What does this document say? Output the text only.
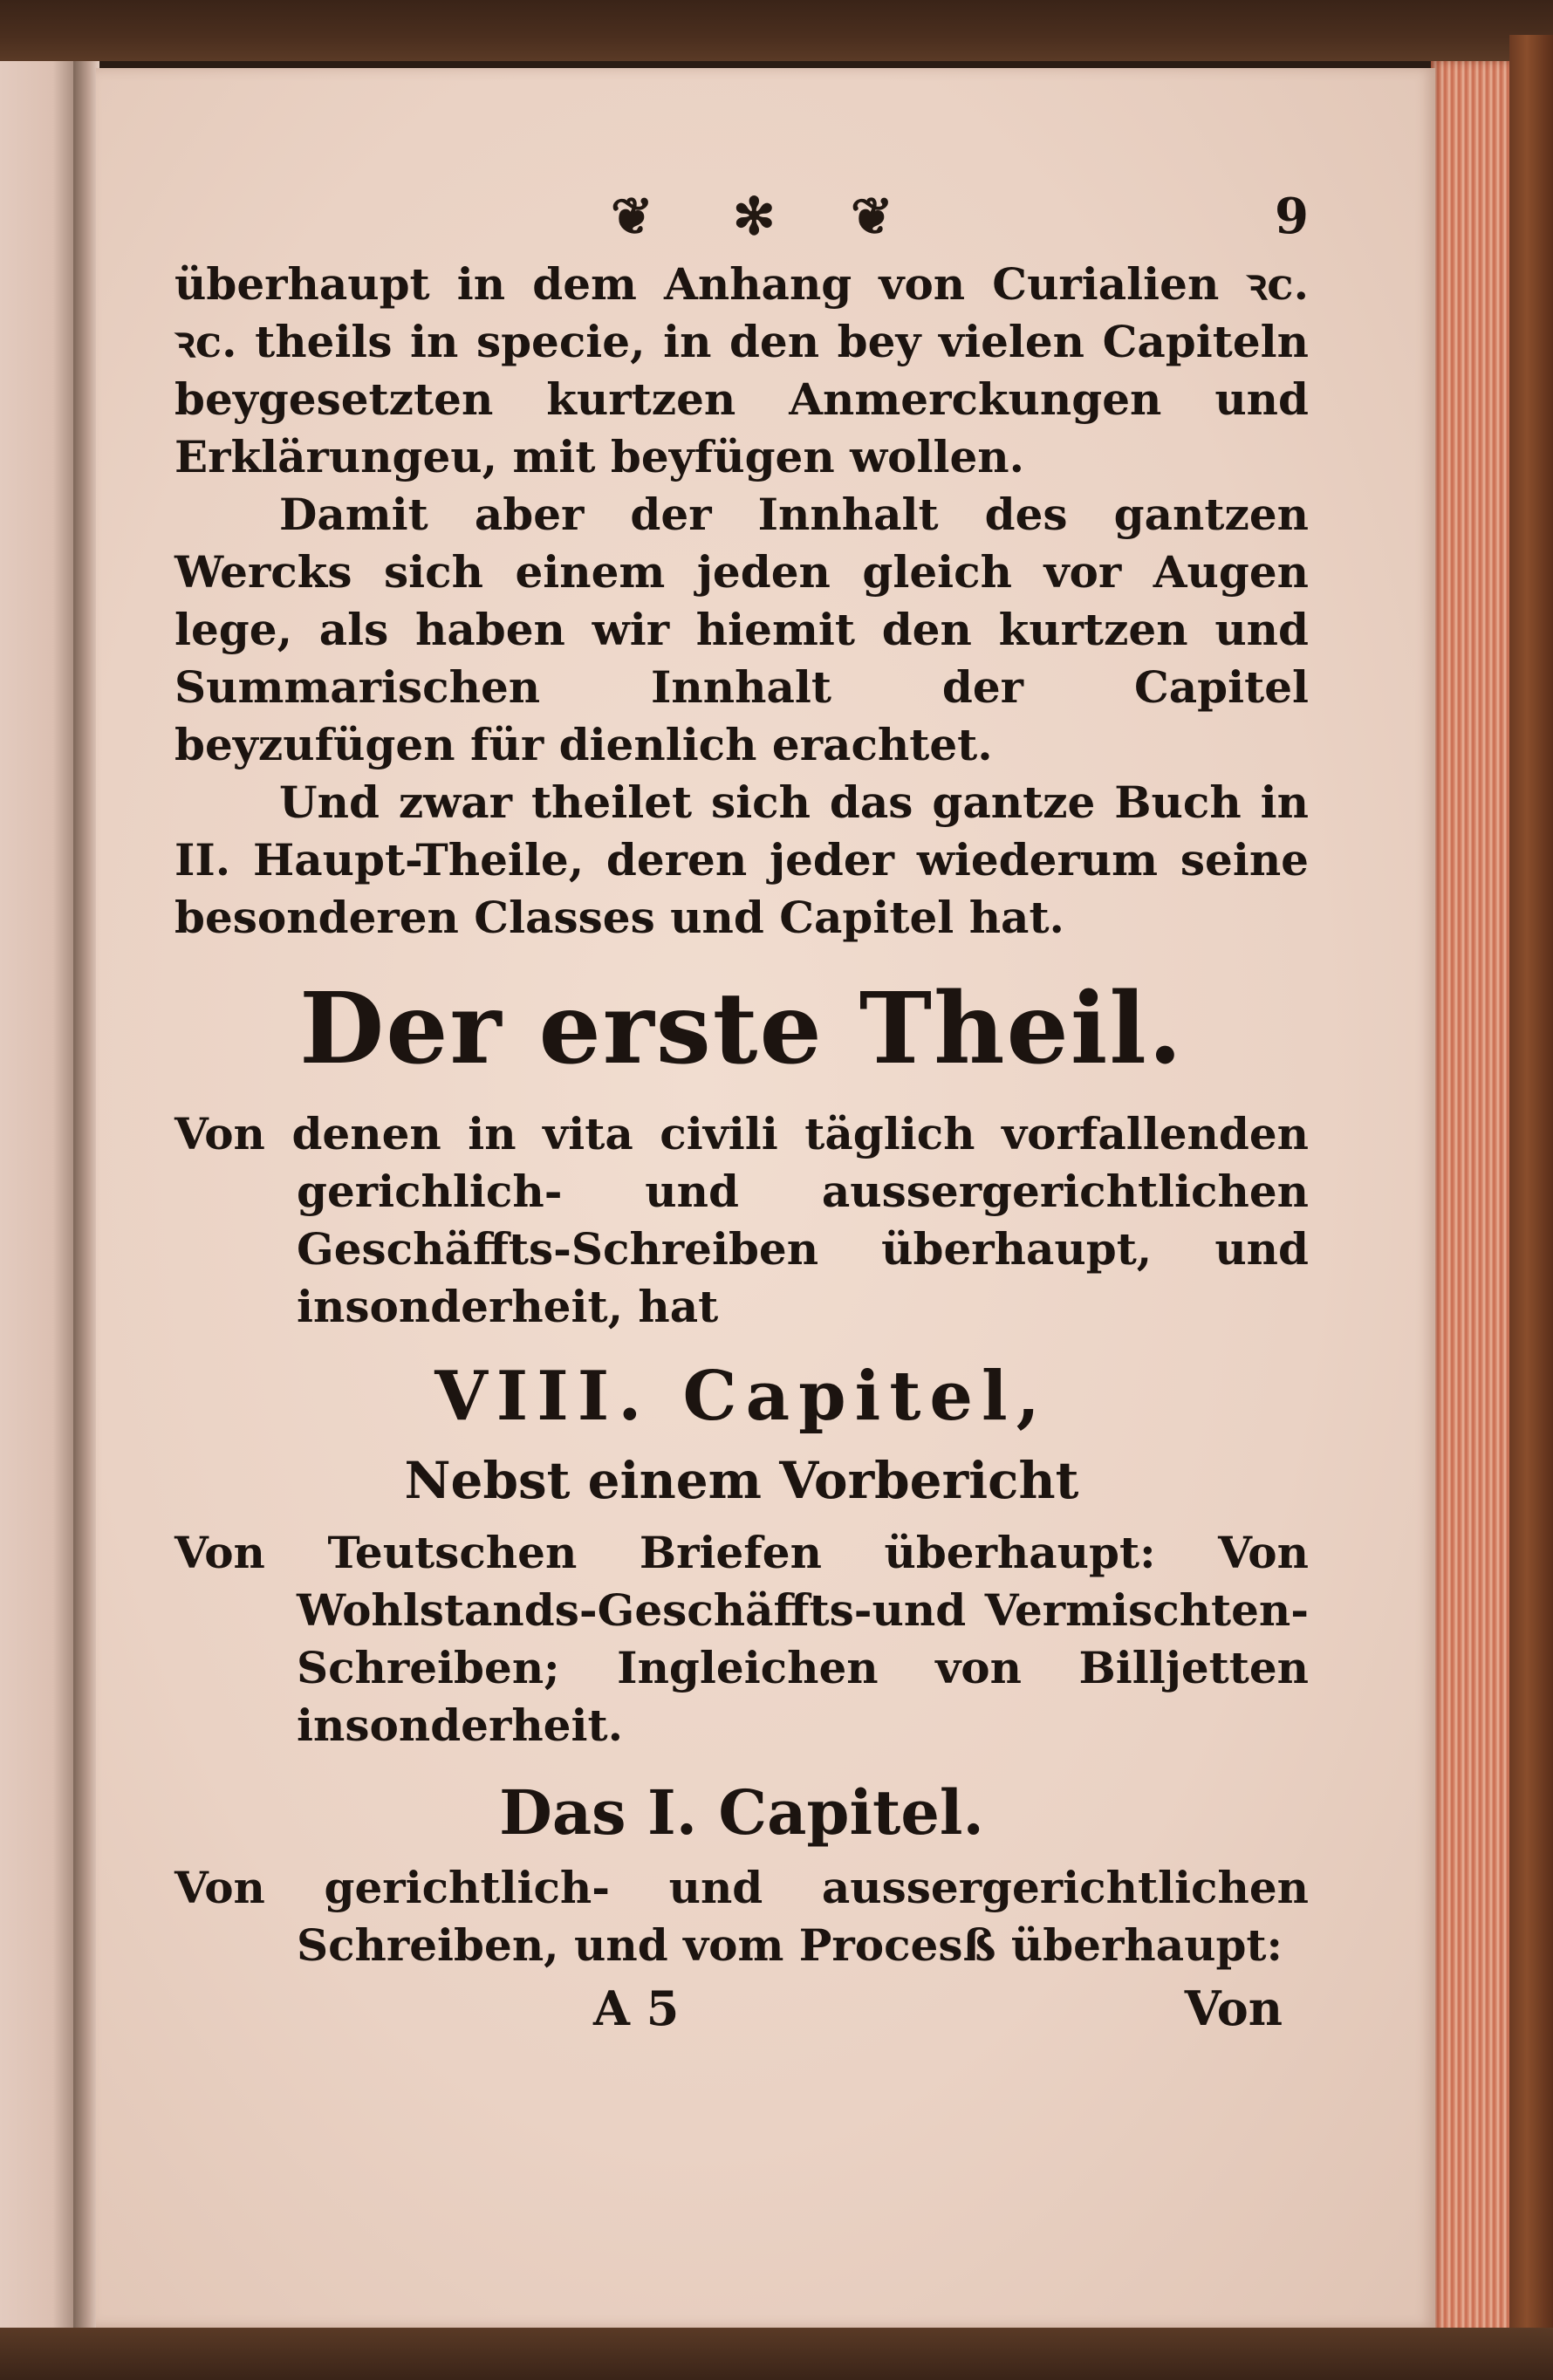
❦ ✻ ❦	9

überhaupt in dem Anhang von Curialien ꝛc. ꝛc. theils in specie, in den bey vielen Capiteln beygesetzten kurtzen Anmerckungen und Erklärungeu, mit beyfügen wollen.

Damit aber der Innhalt des gantzen Wercks sich einem jeden gleich vor Augen lege, als haben wir hiemit den kurtzen und Summarischen Innhalt der Capitel beyzufügen für dienlich erachtet.

Und zwar theilet sich das gantze Buch in II. Haupt-Theile, deren jeder wiederum seine besonderen Classes und Capitel hat.

Der erste Theil.

Von denen in vita civili täglich vorfallenden gerichlich- und aussergerichtlichen Geschäffts-Schreiben überhaupt, und insonderheit, hat

VIII. Capitel,
Nebst einem Vorbericht

Von Teutschen Briefen überhaupt: Von Wohlstands-Geschäffts-und Vermischten-Schreiben; Ingleichen von Billjetten insonderheit.

Das I. Capitel.

Von gerichtlich- und aussergerichtlichen Schreiben, und vom Procesß überhaupt:

A 5	Von
